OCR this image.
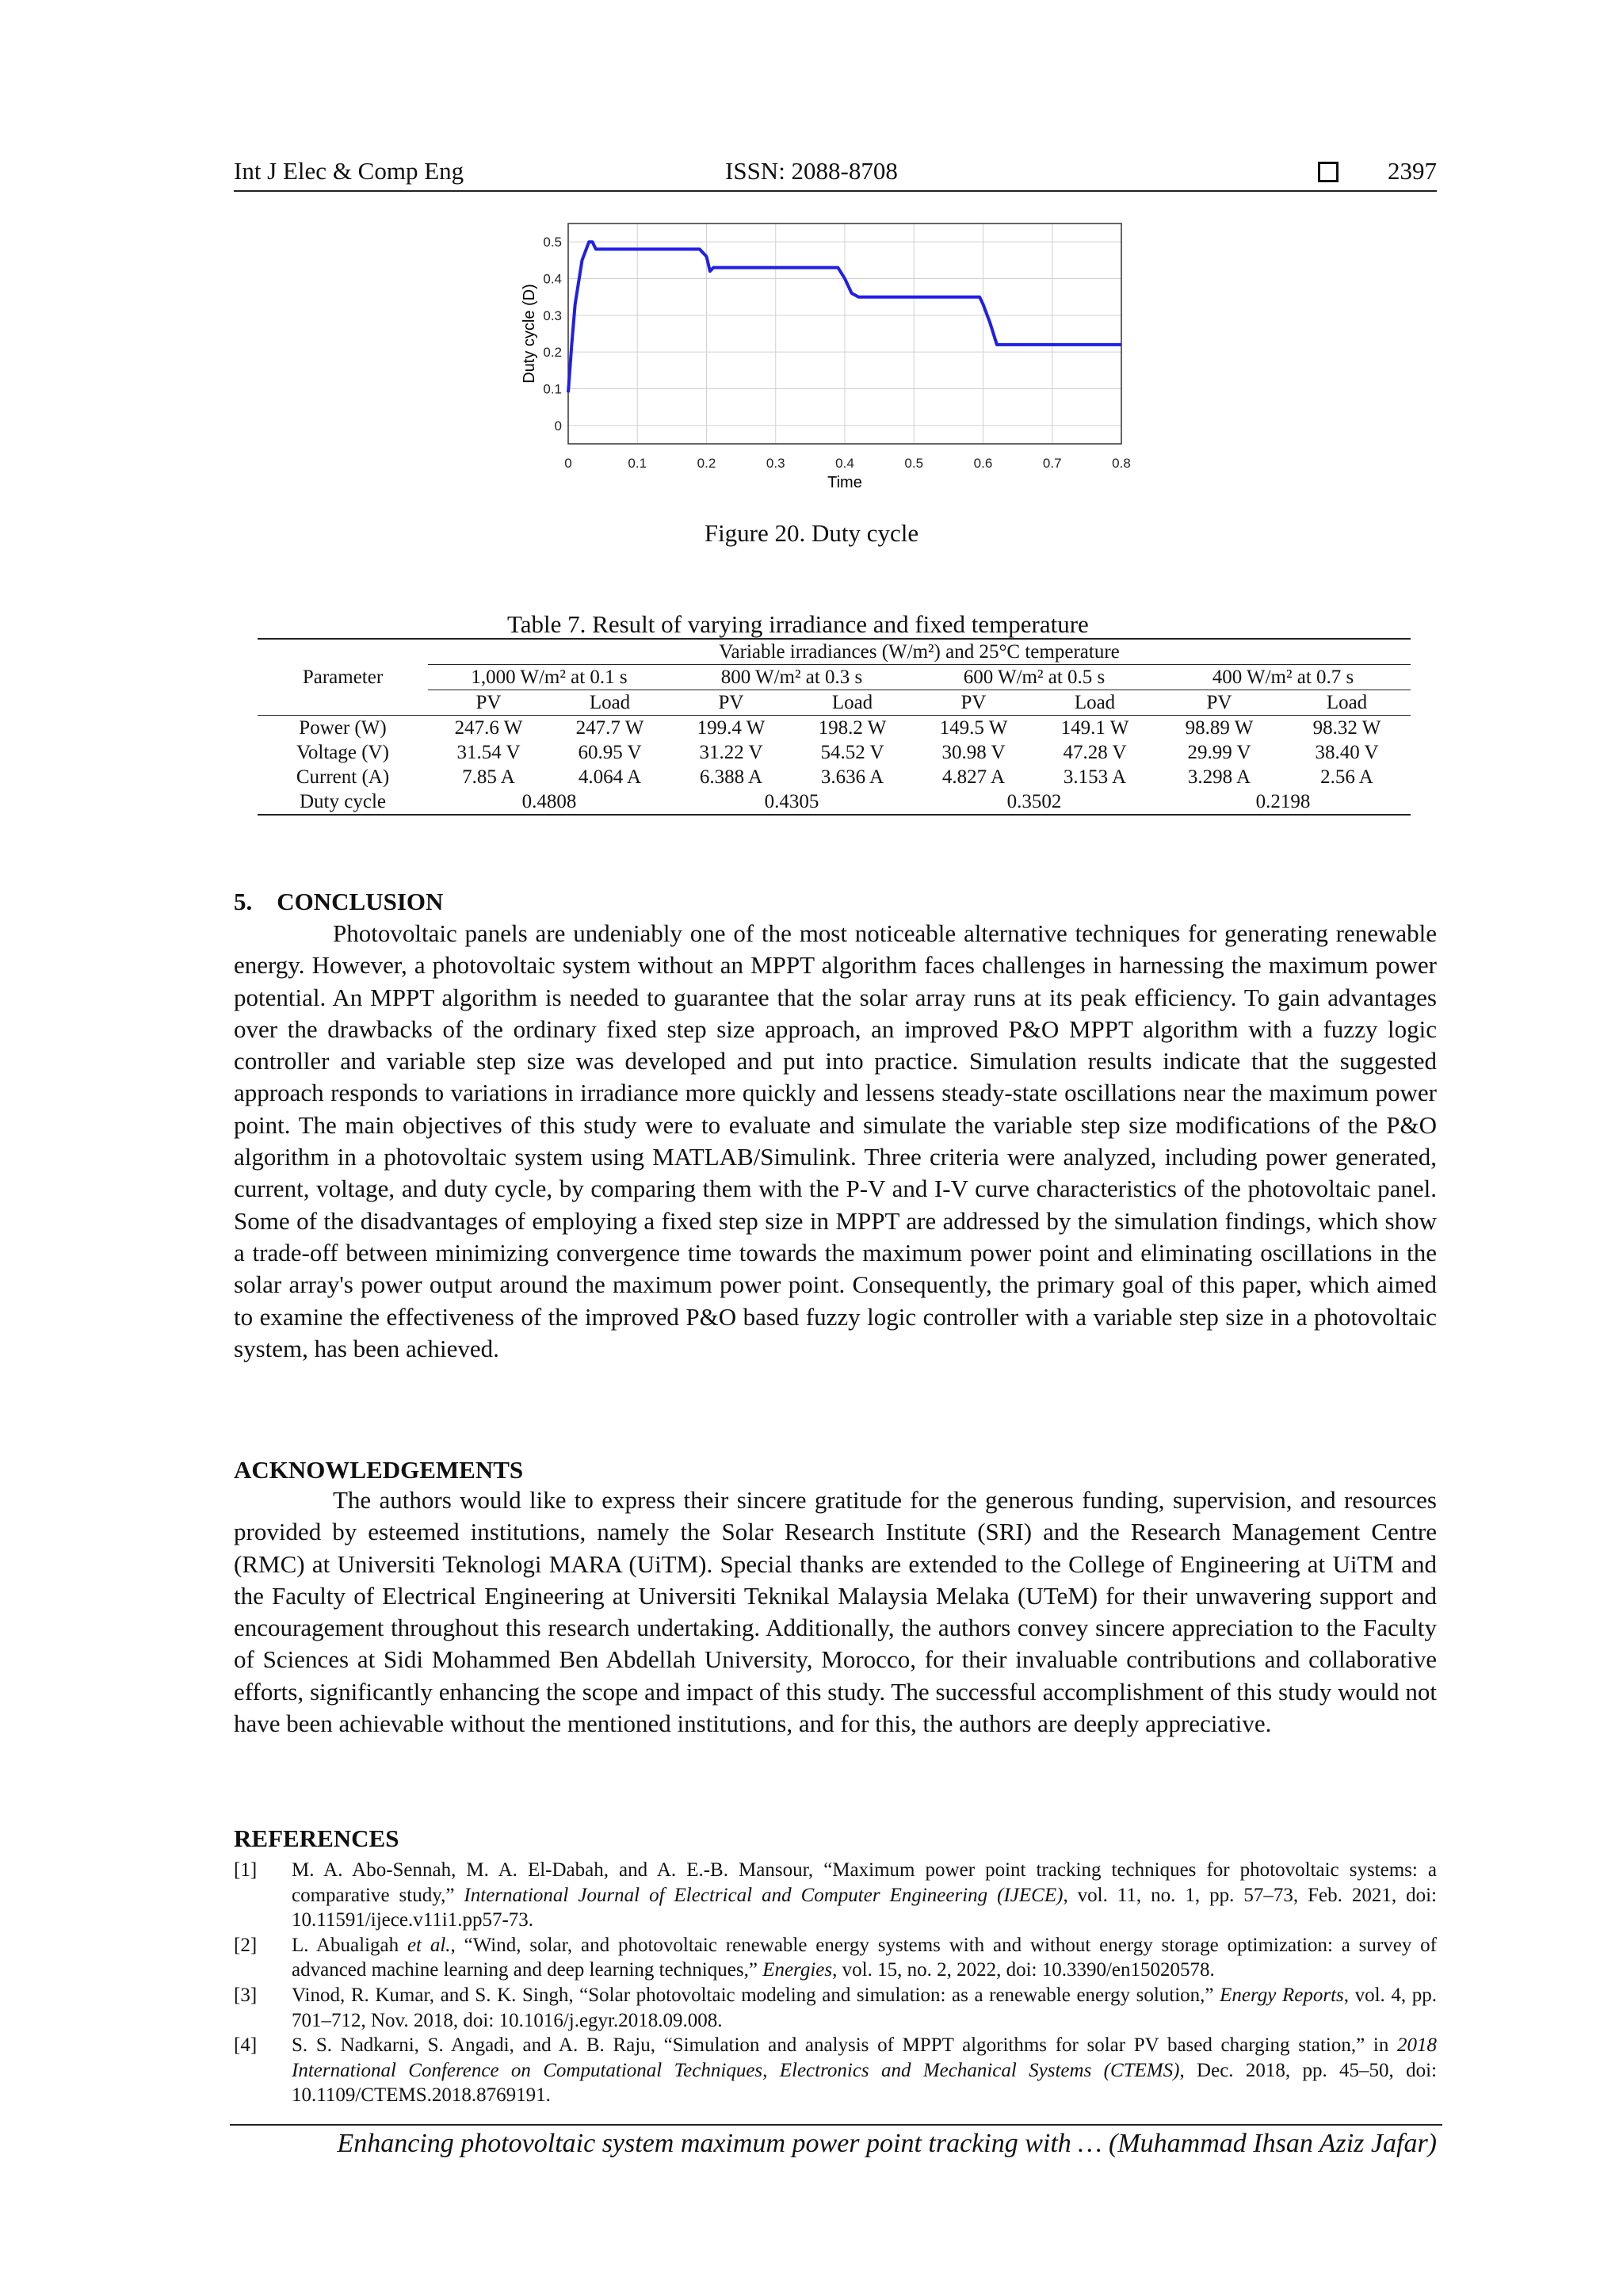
Int J Elec & Comp Eng	ISSN: 2088-8708	2397
0	0.1	0.2	0.3	0.4	0.5	0.6	0.7	0.8
0
0.1
0.2
0.3
0.4
0.5
Time
Duty cycle (D)
Figure 20. Duty cycle
Table 7. Result of varying irradiance and fixed temperature
	Variable irradiances (W/m²) and 25°C temperature							
Parameter	1,000 W/m² at 0.1 s		800 W/m² at 0.3 s		600 W/m² at 0.5 s		400 W/m² at 0.7 s	
	PV	Load	PV	Load	PV	Load	PV	Load
Power (W)	247.6 W	247.7 W	199.4 W	198.2 W	149.5 W	149.1 W	98.89 W	98.32 W
Voltage (V)	31.54 V	60.95 V	31.22 V	54.52 V	30.98 V	47.28 V	29.99 V	38.40 V
Current (A)	7.85 A	4.064 A	6.388 A	3.636 A	4.827 A	3.153 A	3.298 A	2.56 A
Duty cycle	0.4808		0.4305		0.3502		0.2198	
5.    CONCLUSION

Photovoltaic panels are undeniably one of the most noticeable alternative techniques for generating renewable energy. However, a photovoltaic system without an MPPT algorithm faces challenges in harnessing the maximum power potential. An MPPT algorithm is needed to guarantee that the solar array runs at its peak efficiency. To gain advantages over the drawbacks of the ordinary fixed step size approach, an improved P&O MPPT algorithm with a fuzzy logic controller and variable step size was developed and put into practice. Simulation results indicate that the suggested approach responds to variations in irradiance more quickly and lessens steady-state oscillations near the maximum power point. The main objectives of this study were to evaluate and simulate the variable step size modifications of the P&O algorithm in a photovoltaic system using MATLAB/Simulink. Three criteria were analyzed, including power generated, current, voltage, and duty cycle, by comparing them with the P-V and I-V curve characteristics of the photovoltaic panel. Some of the disadvantages of employing a fixed step size in MPPT are addressed by the simulation findings, which show a trade-off between minimizing convergence time towards the maximum power point and eliminating oscillations in the solar array's power output around the maximum power point. Consequently, the primary goal of this paper, which aimed to examine the effectiveness of the improved P&O based fuzzy logic controller with a variable step size in a photovoltaic system, has been achieved.

ACKNOWLEDGEMENTS

The authors would like to express their sincere gratitude for the generous funding, supervision, and resources provided by esteemed institutions, namely the Solar Research Institute (SRI) and the Research Management Centre (RMC) at Universiti Teknologi MARA (UiTM). Special thanks are extended to the College of Engineering at UiTM and the Faculty of Electrical Engineering at Universiti Teknikal Malaysia Melaka (UTeM) for their unwavering support and encouragement throughout this research undertaking. Additionally, the authors convey sincere appreciation to the Faculty of Sciences at Sidi Mohammed Ben Abdellah University, Morocco, for their invaluable contributions and collaborative efforts, significantly enhancing the scope and impact of this study. The successful accomplishment of this study would not have been achievable without the mentioned institutions, and for this, the authors are deeply appreciative.

REFERENCES
[1] M. A. Abo-Sennah, M. A. El-Dabah, and A. E.-B. Mansour, “Maximum power point tracking techniques for photovoltaic systems: a comparative study,” International Journal of Electrical and Computer Engineering (IJECE), vol. 11, no. 1, pp. 57–73, Feb. 2021, doi: 10.11591/ijece.v11i1.pp57-73.
[2] L. Abualigah et al., “Wind, solar, and photovoltaic renewable energy systems with and without energy storage optimization: a survey of advanced machine learning and deep learning techniques,” Energies, vol. 15, no. 2, 2022, doi: 10.3390/en15020578.
[3] Vinod, R. Kumar, and S. K. Singh, “Solar photovoltaic modeling and simulation: as a renewable energy solution,” Energy Reports, vol. 4, pp. 701–712, Nov. 2018, doi: 10.1016/j.egyr.2018.09.008.
[4] S. S. Nadkarni, S. Angadi, and A. B. Raju, “Simulation and analysis of MPPT algorithms for solar PV based charging station,” in 2018 International Conference on Computational Techniques, Electronics and Mechanical Systems (CTEMS), Dec. 2018, pp. 45–50, doi: 10.1109/CTEMS.2018.8769191.
Enhancing photovoltaic system maximum power point tracking with … (Muhammad Ihsan Aziz Jafar)
